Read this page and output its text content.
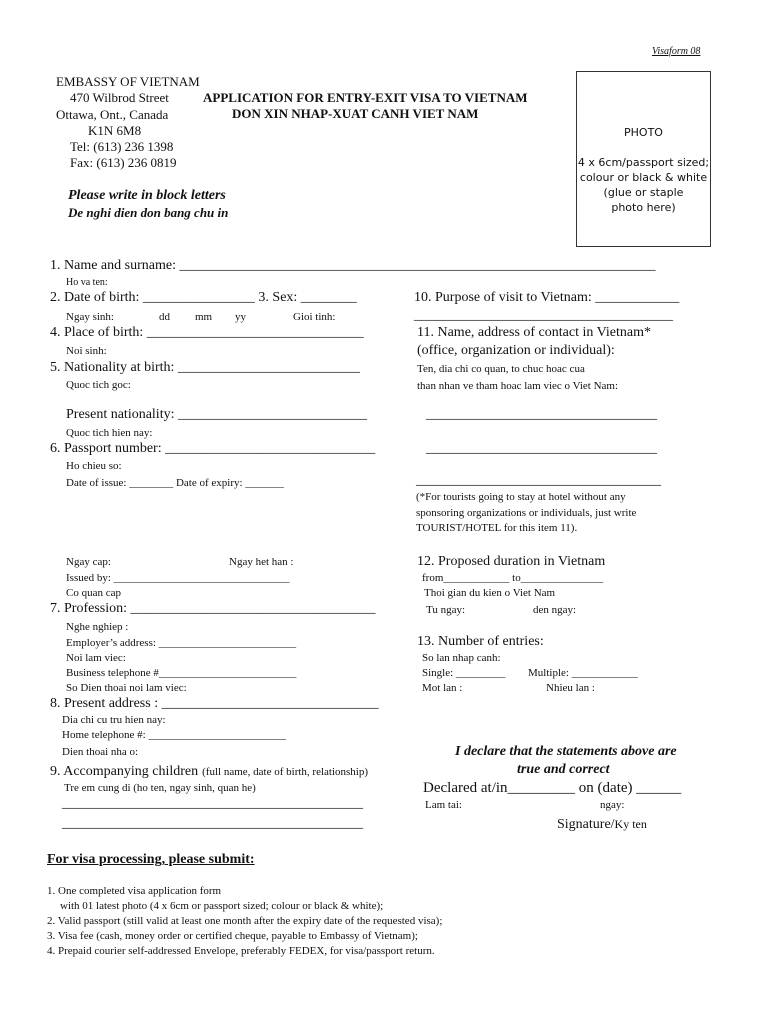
Visaform 08
EMBASSY OF VIETNAM
470 Wilbrod Street
Ottawa, Ont., Canada
K1N 6M8
Tel: (613) 236 1398
Fax: (613) 236 0819
APPLICATION FOR ENTRY-EXIT VISA TO VIETNAM
DON XIN NHAP-XUAT CANH VIET NAM
PHOTO
4 x 6cm/passport sized;
colour or black & white
(glue or staple
photo here)
Please write in block letters
De nghi dien don bang chu in
1. Name and surname: ____________________________________________________________________
Ho va ten:
2. Date of birth: ________________ 3. Sex: ________
Ngay sinh:	dd mm yy	Gioi tinh:
4. Place of birth: _______________________________
Noi sinh:
5. Nationality at birth: __________________________
Quoc tich goc:
Present nationality: ___________________________
Quoc tich hien nay:
6. Passport number: ______________________________
Ho chieu so:
Date of issue: ________ Date of expiry: _______
Ngay cap:	Ngay het han :
Issued by: ________________________________
Co quan cap
7. Profession: ___________________________________
Nghe nghiep :
Employer’s address: _________________________
Noi lam viec:
Business telephone #_________________________
So Dien thoai noi lam viec:
8. Present address : _______________________________
Dia chi cu tru hien nay:
Home telephone #: _________________________
Dien thoai nha o:
9. Accompanying children (full name, date of birth, relationship)
Tre em cung di (ho ten, ngay sinh, quan he)
___________________________________________
___________________________________________
10. Purpose of visit to Vietnam: ____________
_____________________________________
11. Name, address of contact in Vietnam*
(office, organization or individual):
Ten, dia chi co quan, to chuc hoac cua
than nhan ve tham hoac lam viec o Viet Nam:
_________________________________
_________________________________
___________________________________
(*For tourists going to stay at hotel without any
sponsoring organizations or individuals, just write
TOURIST/HOTEL for this item 11).
12. Proposed duration in Vietnam
from____________ to_______________
Thoi gian du kien o Viet Nam
Tu ngay:	den ngay:
13. Number of entries:
So lan nhap canh:
Single: _________ Multiple: ____________
Mot lan :	Nhieu lan :
I declare that the statements above are
true and correct
Declared at/in_________ on (date) ______
Lam tai:	ngay:
Signature/Ky ten
For visa processing, please submit:
1. One completed visa application form
with 01 latest photo (4 x 6cm or passport sized; colour or black & white);
2. Valid passport (still valid at least one month after the expiry date of the requested visa);
3. Visa fee (cash, money order or certified cheque, payable to Embassy of Vietnam);
4. Prepaid courier self-addressed Envelope, preferably FEDEX, for visa/passport return.
